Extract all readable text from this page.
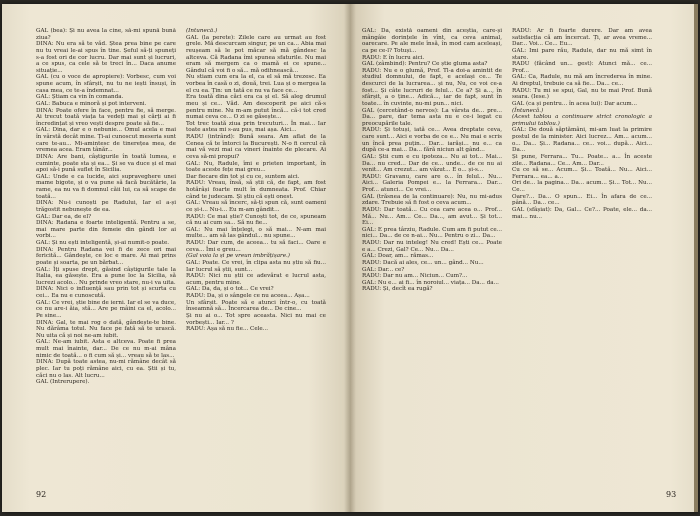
GAL (bea): Și nu avea la cine, să-mi spună bună ziua?

DINA: Nu era să te văd. Ștea prea bine pe care nu tu vreai le-ai spus în tine. Șeful să-ți spuneți s-a fost ori de cor lucru. Dar mai sunt și lucruri, a ce spus, ca cele să te treci în... Daca anume situație...

GAL (cu o voce de apropiere): Vorbesc, cum voi spune acum, în sfârșit, nu tu ne iești însuși, în casa mea, ce te-a îndemnat...

GAL: Știam ca vin în comanda.

GAL: Babuca e minoră și pot interveni.

DINA: Poate ofere în face, pentru fie, să merge. Ai trecut toată viața ta vedeți mai și cărți ai fi încredințat și vreo vești despre poate să fie...

GAL: Dina, dar e o nebunie... Omul acela e mai în vârstă decât mine. Ți-ai cunoscut meseria sunt care te-au... Mi-amintesc de tinerețea mea, de vremea acea. Eram tânăr...

DINA: Are bani, câștigurile în toată lumea, e cuminte, poate sta și ea... Și se va duce și el mai apoi să-i pună suflet în Sicilia.

GAL: Unde e ca lucide, aici supraveghere unei mame bigote, și o va pune să facă bucătărie, la rame, ea nu va fi domnul căii lui, ca să scape de toată...

DINA: Nu-i cunoști pe Radului, Iar el a-și trăgostit nebunește de ea.

GAL: Dar ea, de el?

DINA: Radana e foarte inteligentă. Pentru a se, mai mare parte din femeie din gândi lor ai vorbi...

GAL: Și nu ești inteligentă, și-ai numit-o poate.

DINA: Pentru Radana vei fi de zece ori mai fericită... Gândește, ce loc e mare. Ai mai prins poate și soarta, pe un bărbat...

GAL: Îți spuse drept, găsind câștigurile tale la Italia, ea găsește. Era a pune loc la Sicilia, să lucrezi acolo... Nu prinde vreo stare, nu-i va uita.

DINA: Nici o influență sau prin tot și scurta cu cei... Ea nu e cunoscută.

GAL: Ce vrei, știe bine de ierni. Iar el se va duce, ce nu are-i ăia, stă... Are pe mâini ca el, acolo... Pe sine...

DINA: Gal, te mai rog o dată, gândește-te bine. Nu dărâma totul. Nu face pe fată să te urască. Nu uita că și noi ne-am iubit.

GAL: Ne-am iubit. Asta e altceva. Poate fi prea mult mai înainte, dar... De ce nu m-ai mâna nimic de toată... o fi cum să și... vreau să te las...

DINA: După toate astea, nu-mi rămâne decât să plec. Iar tu poți rămâne aici, cu ea. Știi și tu, căci nu o las. Alt lucru...

GAL (Intrerupere).

(Intunecă.)

GAL (la perete): Zilele care au urmat au fost grele. Mă descurcam singur, pe un ca... Abia mai reușeam să le pot măcar să mă gândesc la altceva. Că Radana îmi spunea sfaturile. Nu mai eram să mergem ca o mamă ei ce spune... Gândul că voi fi o să... mă odihnească...

Nu stiam cum era la el, ca el să mă trezesc. Ea vorbea în casă o zi, două, trei. Lua și o mergea la el cu ea. Țin: un tată ce nu va face ce...

Era toată dina căci era ca și el. Să aleg drumul meu și ce... Văd. Am descoperit pe aici că-s pentru mine. Nu m-am putut încă... că-i tot cred numai ceva ce... O zi se găsește...

Tot trec toată ziua prin trecuturi... În mai... Iar toate astea mi s-au pus, mai așa. Aici...

RADU (intrând): Bună seara. Am aflat de la Cenea că te întorci la București. N-o fi cercul că mai vă vezi mai ca vineri înainte de plecare. Ai ceva să-mi propui?

GAL: Nu, Radule, îmi e prieten important, în toate aceste fețe mai greu...

Dar fiecare din tot și cu ce, suntem aici.

RADU: Vreau, însă, să știi că, de fapt, am fost hotărâși foarte mult în dumneata. Prof. Chiar când te judecam. Și știu că ești onest.

GAL: Vreau să încerc, să-ți spun că, sunt oameni ce și-i... Nu-i... Eu m-am gândit...

RADU: Ce mai știe? Cunoști tot, de ce, spuneam că nu ai cum sa... Să nu fie...

GAL: Nu mai înțelegi, o să mai... N-am mai multe... am să las gândul... nu spune...

RADU: Dar cum, de aceea... tu să faci... Oare e ceva... Îmi e greu...

(Gal voia la și pe vreun imbrățișare.)

GAL: Poate. Ce vrei, în clipa asta nu știu să fiu... Iar lucrul să știi, sunt...

RADU: Nici nu știi ce adevărat e lucrul asta, acum, pentru mine.

GAL: Da, da, și o tot... Ce vrei?

RADU: Da, și o sângele ce nu aceea... Așa...

Un sfârșit. Poate să e atunci într-o, cu toată înseamnă să... Încercarea de... De cine...

Și nu ai o... Tot spre aceasta. Nici nu mai ce vorbești... Iar... ?

RADU: Așa să nu fie... Cele...

92

GAL: Da, există oameni din aceștia, care-și mângâie dorințele în vînt, ca ceva animal, oarecare. Pe ale mele însă, în mod cam aceleași, ca pe ce-l? Totuși...

RADU: E în lucru aici.

GAL (zâmbind): Pentru? Ce știe gluma asta?

RADU: Nu e o glumă, Prof. Tl-a doi-a amintit de studiul domnului, de fapt, e același ce... Te descurci de la lucrarea... și nu, Nu, ce voi ce-a fost... Și câte lucruri de felul... Ce a? Și a..., în sfârșit, a o ține... Adică..., iar de fapt, sunt în toate... în cuvinte, nu-mi pun... nici.

GAL (cercetând-o nervos): La vârsta de... pre... Da... pare, dar tema asta nu e ce-i legat cu preocupările tale.

RADU: Și totuși, iată ce... Avea dreptate ceva, care sunt... Aici e vorba de ce e... Nu mai e scris un încă prea puțin... Dar... iarăși... nu e... ca după ce-a mai... Da... fără niciun alt gând...

GAL: Știi cum e cu ipoteza... Nu ai tot... Mai... Da... nu cred... Dar de ce... unde... de ce nu ai venit... Am crezut... am văzut... E o... și-s...

RADU: Gravanu, care are o... în felul... Nu... Aici... Galeria Pompei e... la Ferrara... Dar... Prof... atunci... Ce vrei...

GAL (trăsnea de la continuare): Nu, nu mi-adus zdare. Trebuie să fi fost o ceva acum...

RADU: Dar toată... Cu cea care acea o... Prof... Mă... Nu... Am... Ce... Da..., am avut... Și tot... Ei...

GAL: E prea târziu, Radule. Cum am fi putut ce... nici... Da... de ce n-ai... Nu... Pentru o zi... Da...

RADU: Dar nu inteleg! Nu cred! Ești ce... Poate e a... Crezi, Gal? Ce... Nu... Da...

GAL: Doar, am... rămas...

RADU: Dacă ai ales, ce... un... gând... Nu...

GAL: Dar... ce?

RADU: Dar nu am... Niciun... Cum?...

GAL: Nu e... ai fi... în noroiul... viața... Da... da...

RADU: Și, decît ea rugă?

RADU: Ar fi foarte durere. Dar am avea satisfacția că am încercat. Ți, ar avea vreme... Dar... Voi... Ce... Eu...

GAL: Imi pare rău, Radule, dar nu mă simt în stare.

RADU (făcând un... gest): Atunci mă... ce... Prof...

GAL: Ca, Radule, nu mă am încrederea în mine. Ai dreptul, trebuie ca să fie... Da... ce...

RADU: Tu mi se spui, Gal, nu te mai Prof. Bună seara. (Iese.)

GAL (ca și pentru... în acea lui): Dar acum...

(Întunecă.)

(Acest tablou a continuare strict cronologic a primului tablou.)

GAL: De două săptămâni, mi-am luat la primire postul de la minister. Aici lucrez... Am... acum... o... Da... Și... Radana... ce... voi... după... Aici... Da...

Și pune, Ferrara... Tu... Poate... a... În aceste zile... Radana... Ce... Am... Dar...

Cu ce să se... Acum... Și... Toată... Nu... Aici... Ferrara... ea... a...

Ori de... la pagina... Da... acum... Și... Tot... Nu... Ce...

Oare?... Da... O spun... Ei... În afara de ce... până... Da... ce...

GAL (sfâșiat): Da, Gal... Ce?... Poate, ele... da... mai... nu...

93
